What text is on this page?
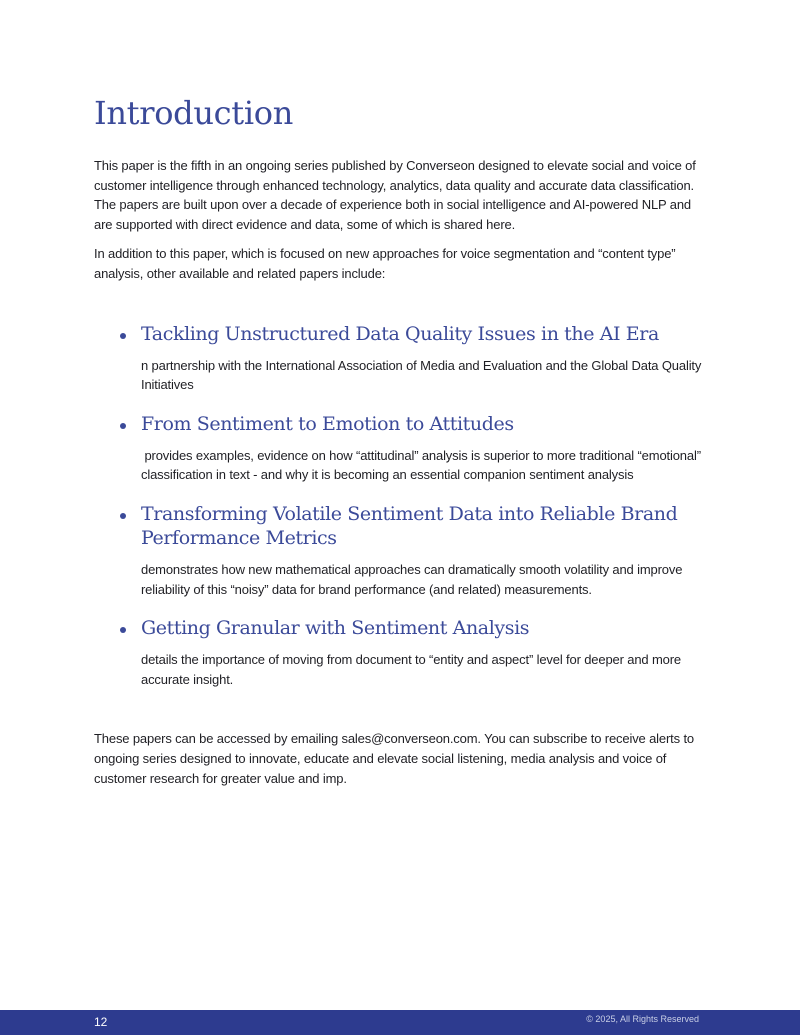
Introduction

This paper is the fifth in an ongoing series published by Converseon designed to elevate social and voice of customer intelligence through enhanced technology, analytics, data quality and accurate data classification. The papers are built upon over a decade of experience both in social intelligence and AI-powered NLP and are supported with direct evidence and data, some of which is shared here.

In addition to this paper, which is focused on new approaches for voice segmentation and “content type” analysis, other available and related papers include:

Tackling Unstructured Data Quality Issues in the AI Era

n partnership with the International Association of Media and Evaluation and the Global Data Quality Initiatives

From Sentiment to Emotion to Attitudes

provides examples, evidence on how “attitudinal” analysis is superior to more traditional “emotional” classification in text - and why it is becoming an essential companion sentiment analysis

Transforming Volatile Sentiment Data into Reliable Brand Performance Metrics

demonstrates how new mathematical approaches can dramatically smooth volatility and improve reliability of this “noisy” data for brand performance (and related) measurements.

Getting Granular with Sentiment Analysis

details the importance of moving from document to “entity and aspect” level for deeper and more accurate insight.

These papers can be accessed by emailing sales@converseon.com. You can subscribe to receive alerts to ongoing series designed to innovate, educate and elevate social listening, media analysis and voice of customer research for greater value and imp.

12	© 2025, All Rights Reserved
